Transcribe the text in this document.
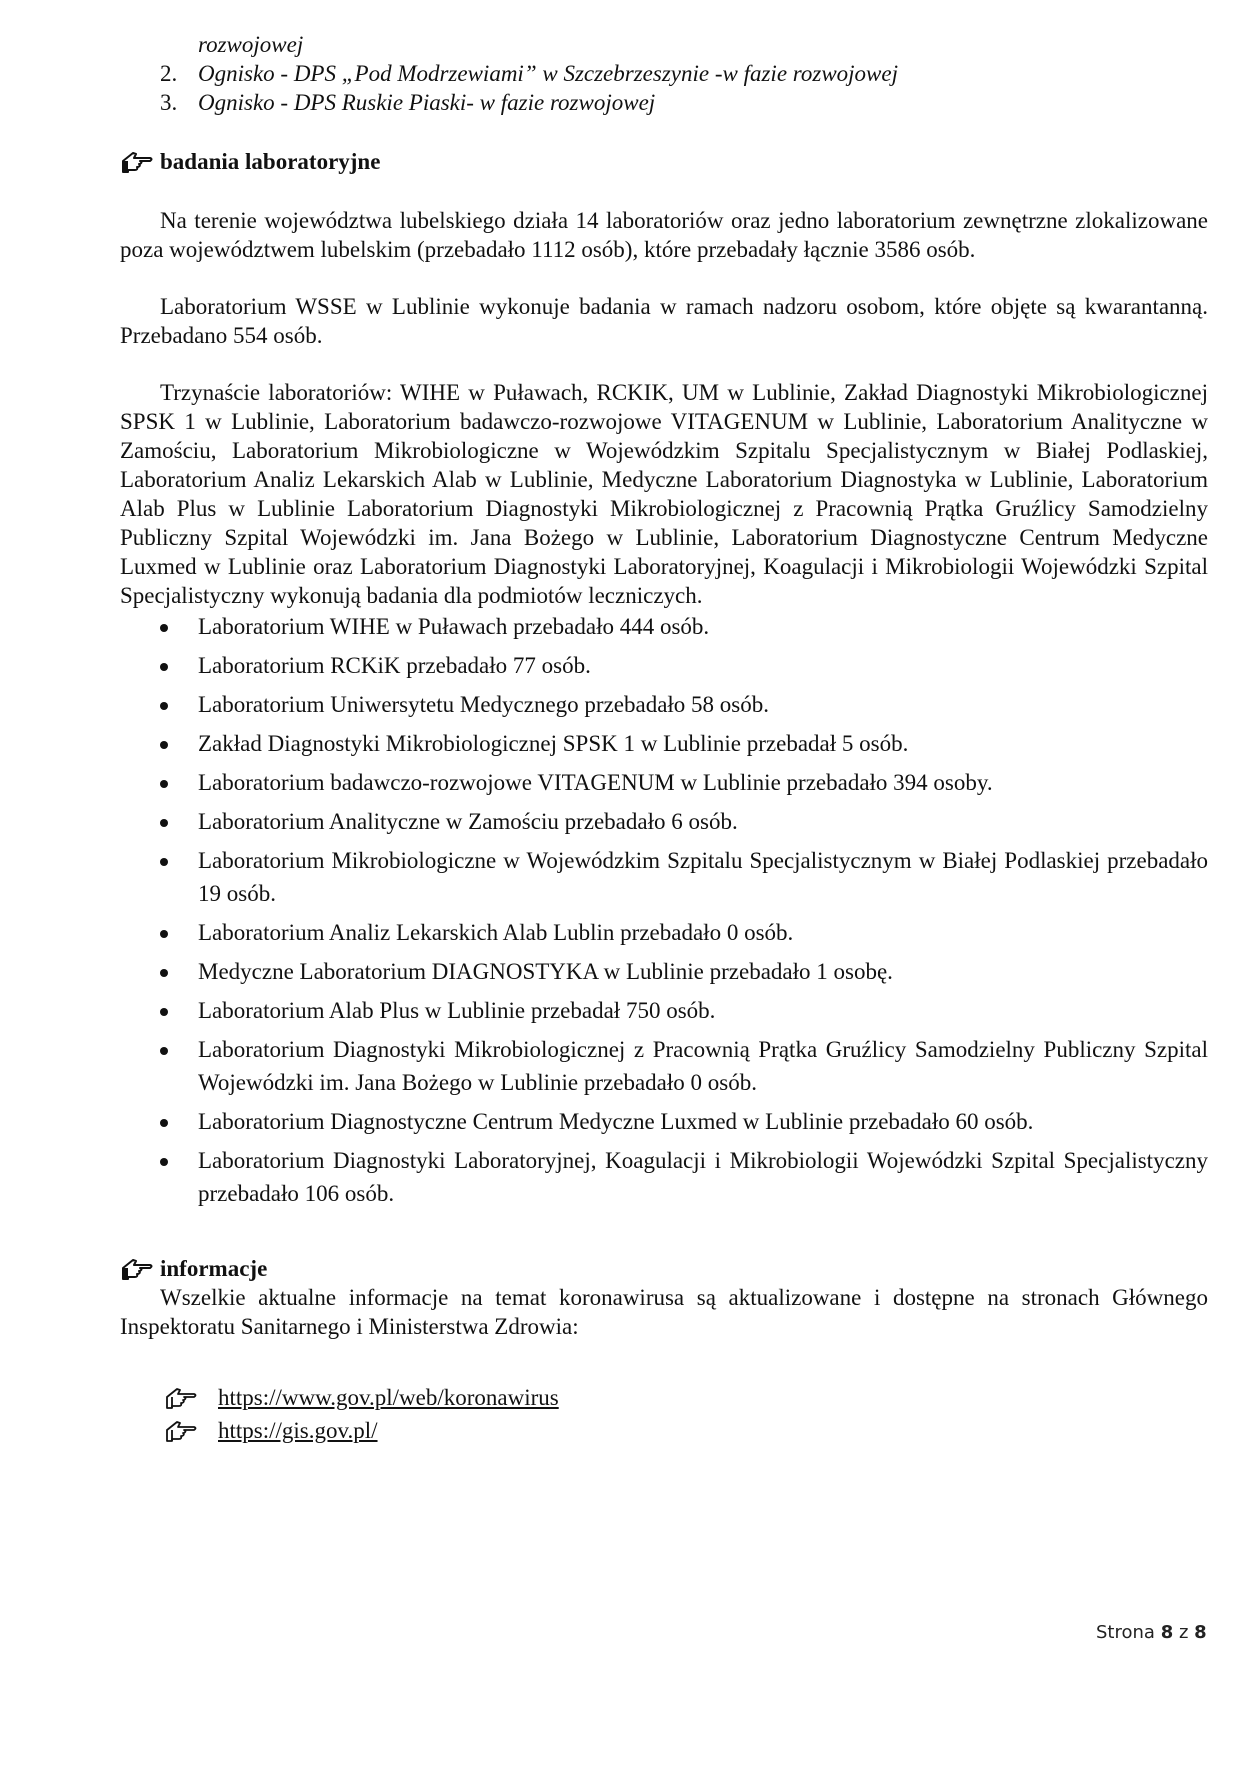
rozwojowej
2. Ognisko - DPS „Pod Modrzewiami” w Szczebrzeszynie -w fazie rozwojowej
3. Ognisko - DPS Ruskie Piaski- w fazie rozwojowej
badania laboratoryjne

Na terenie województwa lubelskiego działa 14 laboratoriów oraz jedno laboratorium zewnętrzne zlokalizowane poza województwem lubelskim (przebadało 1112 osób), które przebadały łącznie 3586 osób.

Laboratorium WSSE w Lublinie wykonuje badania w ramach nadzoru osobom, które objęte są kwarantanną. Przebadano 554 osób.

Trzynaście laboratoriów: WIHE w Puławach, RCKIK, UM w Lublinie, Zakład Diagnostyki Mikrobiologicznej SPSK 1 w Lublinie, Laboratorium badawczo-rozwojowe VITAGENUM w Lublinie, Laboratorium Analityczne w Zamościu, Laboratorium Mikrobiologiczne w Wojewódzkim Szpitalu Specjalistycznym w Białej Podlaskiej, Laboratorium Analiz Lekarskich Alab w Lublinie, Medyczne Laboratorium Diagnostyka w Lublinie, Laboratorium Alab Plus w Lublinie Laboratorium Diagnostyki Mikrobiologicznej z Pracownią Prątka Gruźlicy Samodzielny Publiczny Szpital Wojewódzki im. Jana Bożego w Lublinie, Laboratorium Diagnostyczne Centrum Medyczne Luxmed w Lublinie oraz Laboratorium Diagnostyki Laboratoryjnej, Koagulacji i Mikrobiologii Wojewódzki Szpital Specjalistyczny wykonują badania dla podmiotów leczniczych.

Laboratorium WIHE w Puławach przebadało 444 osób.
Laboratorium RCKiK przebadało 77 osób.
Laboratorium Uniwersytetu Medycznego przebadało 58 osób.
Zakład Diagnostyki Mikrobiologicznej SPSK 1 w Lublinie przebadał 5 osób.
Laboratorium badawczo-rozwojowe VITAGENUM w Lublinie przebadało 394 osoby.
Laboratorium Analityczne w Zamościu przebadało 6 osób.
Laboratorium Mikrobiologiczne w Wojewódzkim Szpitalu Specjalistycznym w Białej Podlaskiej przebadało 19 osób.
Laboratorium Analiz Lekarskich Alab Lublin przebadało 0 osób.
Medyczne Laboratorium DIAGNOSTYKA w Lublinie przebadało 1 osobę.
Laboratorium Alab Plus w Lublinie przebadał 750 osób.
Laboratorium Diagnostyki Mikrobiologicznej z Pracownią Prątka Gruźlicy Samodzielny Publiczny Szpital Wojewódzki im. Jana Bożego w Lublinie przebadało 0 osób.
Laboratorium Diagnostyczne Centrum Medyczne Luxmed w Lublinie przebadało 60 osób.
Laboratorium Diagnostyki Laboratoryjnej, Koagulacji i Mikrobiologii Wojewódzki Szpital Specjalistyczny przebadało 106 osób.
informacje

Wszelkie aktualne informacje na temat koronawirusa są aktualizowane i dostępne na stronach Głównego Inspektoratu Sanitarnego i Ministerstwa Zdrowia:

https://www.gov.pl/web/koronawirus
https://gis.gov.pl/
Strona 8 z 8
